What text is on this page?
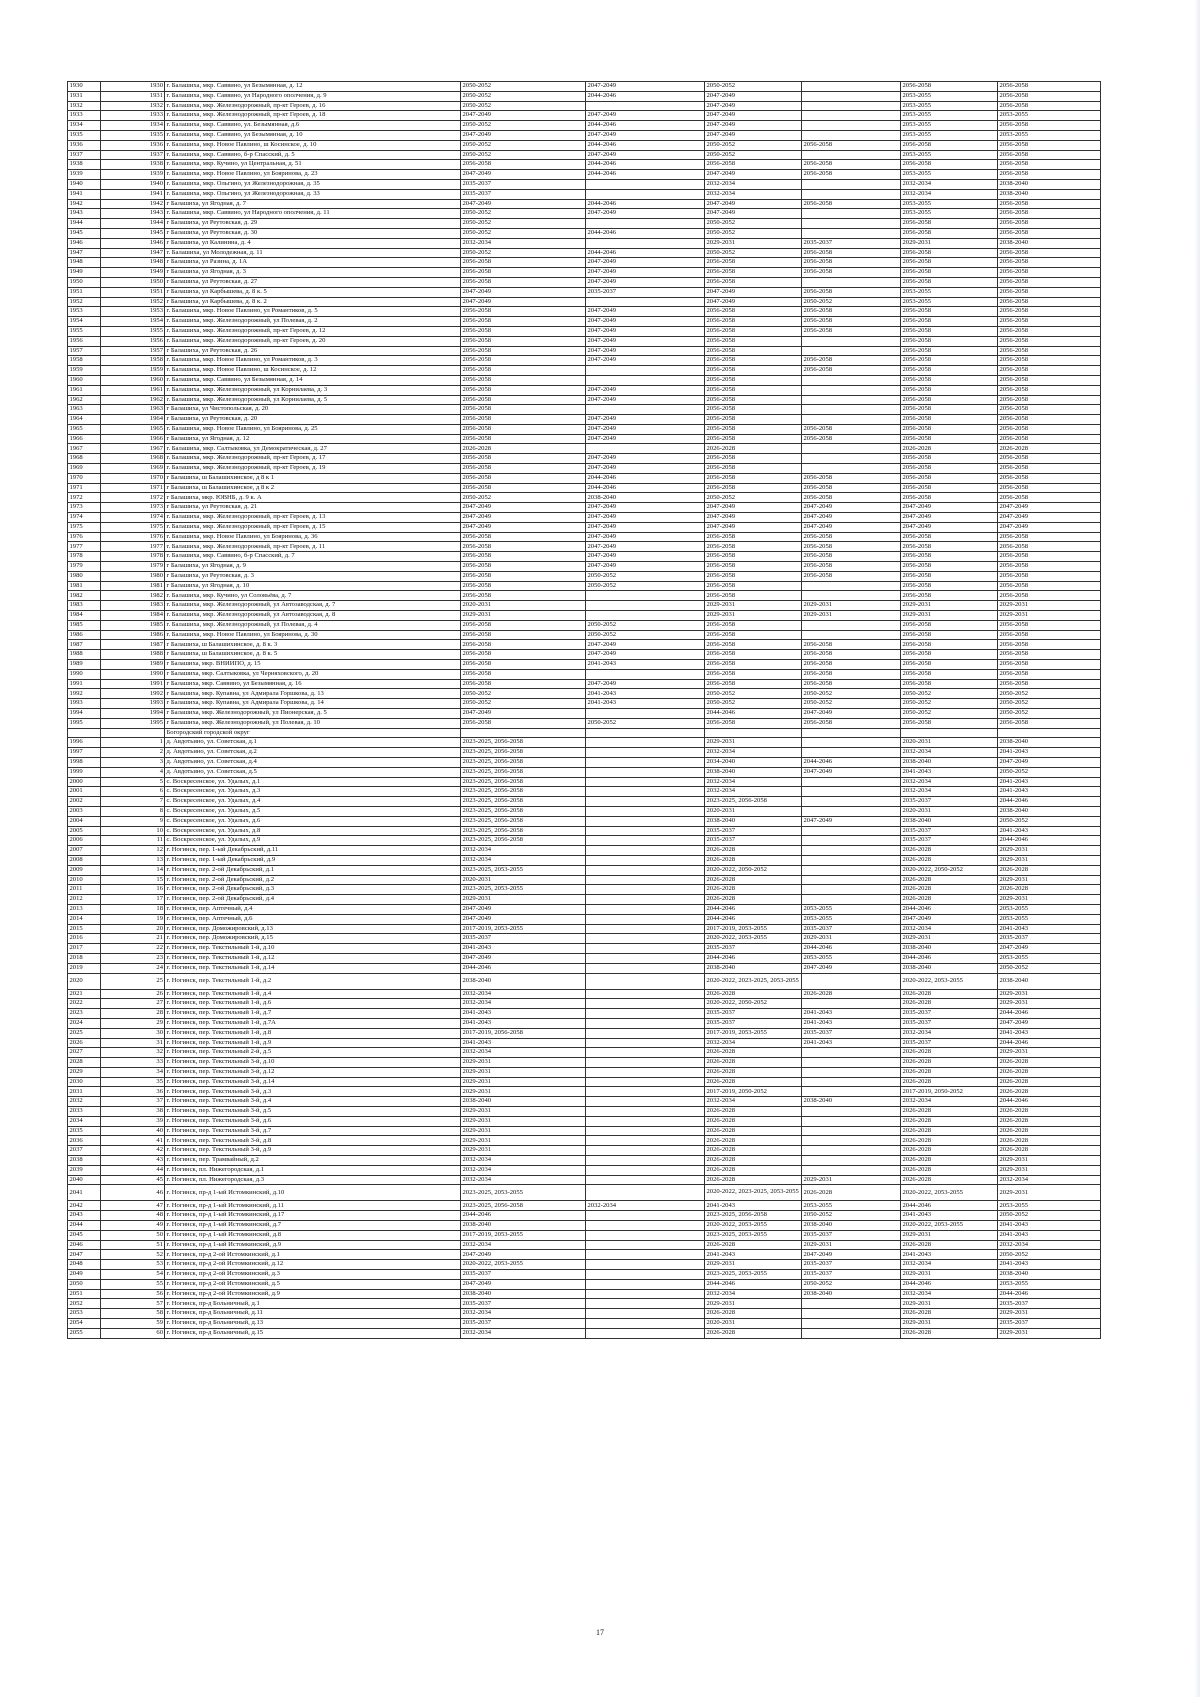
1930	1930	г. Балашиха, мкр. Саввино, ул Безымянная, д. 12	2050-2052	2047-2049	2050-2052		2056-2058	2056-2058
1931	1931	г. Балашиха, мкр. Саввино, ул Народного ополчения, д. 9	2050-2052	2044-2046	2047-2049		2053-2055	2056-2058
1932	1932	г. Балашиха, мкр. Железнодорожный, пр-кт Героев, д. 16	2050-2052		2047-2049		2053-2055	2056-2058
1933	1933	г. Балашиха, мкр. Железнодорожный, пр-кт Героев, д. 18	2047-2049	2047-2049	2047-2049		2053-2055	2053-2055
1934	1934	г. Балашиха, мкр. Саввино, ул. Безымянная, д.6	2050-2052	2044-2046	2047-2049		2053-2055	2056-2058
1935	1935	г. Балашиха, мкр. Саввино, ул Безымянная, д. 10	2047-2049	2047-2049	2047-2049		2053-2055	2053-2055
1936	1936	г. Балашиха, мкр. Новое Павлино, ш Косинское, д. 10	2050-2052	2044-2046	2050-2052	2056-2058	2056-2058	2056-2058
1937	1937	г. Балашиха, мкр. Саввино, б-р Спасский, д. 5	2050-2052	2047-2049	2050-2052		2053-2055	2056-2058
1938	1938	г. Балашиха, мкр. Кучино, ул Центральная, д. 51	2056-2058	2044-2046	2056-2058	2056-2058	2056-2058	2056-2058
1939	1939	г. Балашиха, мкр. Новое Павлино, ул Бояринова, д. 23	2047-2049	2044-2046	2047-2049	2056-2058	2053-2055	2056-2058
1940	1940	г. Балашиха, мкр. Ольгино, ул Железнодорожная, д. 35	2035-2037		2032-2034		2032-2034	2038-2040
1941	1941	г. Балашиха, мкр. Ольгино, ул Железнодорожная, д. 33	2035-2037		2032-2034		2032-2034	2038-2040
1942	1942	г Балашиха, ул Ягодная, д. 7	2047-2049	2044-2046	2047-2049	2056-2058	2053-2055	2056-2058
1943	1943	г. Балашиха, мкр. Саввино, ул Народного ополчения, д. 11	2050-2052	2047-2049	2047-2049		2053-2055	2056-2058
1944	1944	г Балашиха, ул Реутовская, д. 29	2050-2052		2050-2052		2056-2058	2056-2058
1945	1945	г Балашиха, ул Реутовская, д. 30	2050-2052	2044-2046	2050-2052		2056-2058	2056-2058
1946	1946	г Балашиха, ул Калинина, д. 4	2032-2034		2029-2031	2035-2037	2029-2031	2038-2040
1947	1947	г. Балашиха, ул Молодежная, д. 11	2050-2052	2044-2046	2050-2052	2056-2058	2056-2058	2056-2058
1948	1948	г Балашиха, ул Разина, д. 1А	2056-2058	2047-2049	2056-2058	2056-2058	2056-2058	2056-2058
1949	1949	г Балашиха, ул Ягодная, д. 3	2056-2058	2047-2049	2056-2058	2056-2058	2056-2058	2056-2058
1950	1950	г Балашиха, ул Реутовская, д. 27	2056-2058	2047-2049	2056-2058		2056-2058	2056-2058
1951	1951	г Балашиха, ул Карбышева, д. 8 к. 5	2047-2049	2035-2037	2047-2049	2056-2058	2053-2055	2056-2058
1952	1952	г Балашиха, ул Карбышева, д. 8 к. 2	2047-2049		2047-2049	2050-2052	2053-2055	2056-2058
1953	1953	г. Балашиха, мкр. Новое Павлино, ул Романтиков, д. 5	2056-2058	2047-2049	2056-2058	2056-2058	2056-2058	2056-2058
1954	1954	г. Балашиха, мкр. Железнодорожный, ул Полевая, д. 2	2056-2058	2047-2049	2056-2058	2056-2058	2056-2058	2056-2058
1955	1955	г. Балашиха, мкр. Железнодорожный, пр-кт Героев, д. 12	2056-2058	2047-2049	2056-2058	2056-2058	2056-2058	2056-2058
1956	1956	г. Балашиха, мкр. Железнодорожный, пр-кт Героев, д. 20	2056-2058	2047-2049	2056-2058		2056-2058	2056-2058
1957	1957	г Балашиха, ул Реутовская, д. 26	2056-2058	2047-2049	2056-2058		2056-2058	2056-2058
1958	1958	г. Балашиха, мкр. Новое Павлино, ул Романтиков, д. 3	2056-2058	2047-2049	2056-2058	2056-2058	2056-2058	2056-2058
1959	1959	г. Балашиха, мкр. Новое Павлино, ш Косинское, д. 12	2056-2058		2056-2058	2056-2058	2056-2058	2056-2058
1960	1960	г. Балашиха, мкр. Саввино, ул Безымянная, д. 14	2056-2058		2056-2058		2056-2058	2056-2058
1961	1961	г. Балашиха, мкр. Железнодорожный, ул Корнилаева, д. 3	2056-2058	2047-2049	2056-2058		2056-2058	2056-2058
1962	1962	г. Балашиха, мкр. Железнодорожный, ул Корнилаева, д. 5	2056-2058	2047-2049	2056-2058		2056-2058	2056-2058
1963	1963	г Балашиха, ул Чистопольская, д. 20	2056-2058		2056-2058		2056-2058	2056-2058
1964	1964	г Балашиха, ул Реутовская, д. 20	2056-2058	2047-2049	2056-2058		2056-2058	2056-2058
1965	1965	г. Балашиха, мкр. Новое Павлино, ул Бояринова, д. 25	2056-2058	2047-2049	2056-2058	2056-2058	2056-2058	2056-2058
1966	1966	г Балашиха, ул Ягодная, д. 12	2056-2058	2047-2049	2056-2058	2056-2058	2056-2058	2056-2058
1967	1967	г. Балашиха, мкр. Салтыковка, ул Демократическая, д. 27	2026-2028		2026-2028		2026-2028	2026-2028
1968	1968	г. Балашиха, мкр. Железнодорожный, пр-кт Героев, д. 17	2056-2058	2047-2049	2056-2058		2056-2058	2056-2058
1969	1969	г. Балашиха, мкр. Железнодорожный, пр-кт Героев, д. 19	2056-2058	2047-2049	2056-2058		2056-2058	2056-2058
1970	1970	г Балашиха, ш Балашихинское, д 8 к 1	2056-2058	2044-2046	2056-2058	2056-2058	2056-2058	2056-2058
1971	1971	г Балашиха, ш Балашихинское, д 8 к 2	2056-2058	2044-2046	2056-2058	2056-2058	2056-2058	2056-2058
1972	1972	г Балашиха, мкр. ЮВНБ, д. 9 к. А	2050-2052	2038-2040	2050-2052	2056-2058	2056-2058	2056-2058
1973	1973	г Балашиха, ул Реутовская, д. 21	2047-2049	2047-2049	2047-2049	2047-2049	2047-2049	2047-2049
1974	1974	г. Балашиха, мкр. Железнодорожный, пр-кт Героев, д. 13	2047-2049	2047-2049	2047-2049	2047-2049	2047-2049	2047-2049
1975	1975	г. Балашиха, мкр. Железнодорожный, пр-кт Героев, д. 15	2047-2049	2047-2049	2047-2049	2047-2049	2047-2049	2047-2049
1976	1976	г. Балашиха, мкр. Новое Павлино, ул Бояринова, д. 36	2056-2058	2047-2049	2056-2058	2056-2058	2056-2058	2056-2058
1977	1977	г. Балашиха, мкр. Железнодорожный, пр-кт Героев, д. 11	2056-2058	2047-2049	2056-2058	2056-2058	2056-2058	2056-2058
1978	1978	г. Балашиха, мкр. Саввино, б-р Спасский, д. 7	2056-2058	2047-2049	2056-2058	2056-2058	2056-2058	2056-2058
1979	1979	г Балашиха, ул Ягодная, д. 9	2056-2058	2047-2049	2056-2058	2056-2058	2056-2058	2056-2058
1980	1980	г Балашиха, ул Реутовская, д. 3	2056-2058	2050-2052	2056-2058	2056-2058	2056-2058	2056-2058
1981	1981	г Балашиха, ул Ягодная, д. 10	2056-2058	2050-2052	2056-2058		2056-2058	2056-2058
1982	1982	г. Балашиха, мкр. Кучино, ул Соловьёва, д. 7	2056-2058		2056-2058		2056-2058	2056-2058
1983	1983	г. Балашиха, мкр. Железнодорожный, ул Автозаводская, д. 7	2020-2031		2029-2031	2029-2031	2029-2031	2029-2031
1984	1984	г. Балашиха, мкр. Железнодорожный, ул Автозаводская, д. 8	2029-2031		2029-2031	2029-2031	2029-2031	2029-2031
1985	1985	г. Балашиха, мкр. Железнодорожный, ул Полевая, д. 4	2056-2058	2050-2052	2056-2058		2056-2058	2056-2058
1986	1986	г. Балашиха, мкр. Новое Павлино, ул Бояринова, д. 30	2056-2058	2050-2052	2056-2058		2056-2058	2056-2058
1987	1987	г Балашиха, ш Балашихинское, д. 8 к. 3	2056-2058	2047-2049	2056-2058	2056-2058	2056-2058	2056-2058
1988	1988	г Балашиха, ш Балашихинское, д. 8 к. 5	2056-2058	2047-2049	2056-2058	2056-2058	2056-2058	2056-2058
1989	1989	г Балашиха, мкр. ВНИИПО, д. 15	2056-2058	2041-2043	2056-2058	2056-2058	2056-2058	2056-2058
1990	1990	г Балашиха, мкр. Салтыковка, ул Черняховского, д. 20	2056-2058		2056-2058	2056-2058	2056-2058	2056-2058
1991	1991	г Балашиха, мкр. Саввино, ул Безымянная, д. 16	2056-2058	2047-2049	2056-2058	2056-2058	2056-2058	2056-2058
1992	1992	г Балашиха, мкр. Купавна, ул Адмирала Горшкова, д. 13	2050-2052	2041-2043	2050-2052	2050-2052	2050-2052	2050-2052
1993	1993	г Балашиха, мкр. Купавна, ул Адмирала Горшкова, д. 14	2050-2052	2041-2043	2050-2052	2050-2052	2050-2052	2050-2052
1994	1994	г Балашиха, мкр. Железнодорожный, ул Пионерская, д. 5	2047-2049		2044-2046	2047-2049	2050-2052	2050-2052
1995	1995	г Балашиха, мкр. Железнодорожный, ул Полевая, д. 10	2056-2058	2050-2052	2056-2058	2056-2058	2056-2058	2056-2058
		Богородский городской округ						
1996	1	д. Авдотьино, ул. Советская, д.1	2023-2025, 2056-2058		2029-2031		2020-2031	2038-2040
1997	2	д. Авдотьино, ул. Советская, д.2	2023-2025, 2056-2058		2032-2034		2032-2034	2041-2043
1998	3	д. Авдотьино, ул. Советская, д.4	2023-2025, 2056-2058		2034-2040	2044-2046	2038-2040	2047-2049
1999	4	д. Авдотьино, ул. Советская, д.5	2023-2025, 2056-2058		2038-2040	2047-2049	2041-2043	2050-2052
2000	5	с. Воскресенское, ул. Удалых, д.1	2023-2025, 2056-2058		2032-2034		2032-2034	2041-2043
2001	6	с. Воскресенское, ул. Удалых, д.3	2023-2025, 2056-2058		2032-2034		2032-2034	2041-2043
2002	7	с. Воскресенское, ул. Удалых, д.4	2023-2025, 2056-2058		2023-2025, 2056-2058		2035-2037	2044-2046
2003	8	с. Воскресенское, ул. Удалых, д.5	2023-2025, 2056-2058		2020-2031		2020-2031	2038-2040
2004	9	с. Воскресенское, ул. Удалых, д.6	2023-2025, 2056-2058		2038-2040	2047-2049	2038-2040	2050-2052
2005	10	с. Воскресенское, ул. Удалых, д.8	2023-2025, 2056-2058		2035-2037		2035-2037	2041-2043
2006	11	с. Воскресенское, ул. Удалых, д.9	2023-2025, 2056-2058		2035-2037		2035-2037	2044-2046
2007	12	г. Ногинск, пер. 1-ый Декабрьский, д.11	2032-2034		2026-2028		2026-2028	2029-2031
2008	13	г. Ногинск, пер. 1-ый Декабрьский, д.9	2032-2034		2026-2028		2026-2028	2029-2031
2009	14	г. Ногинск, пер. 2-ой Декабрьский, д.1	2023-2025, 2053-2055		2020-2022, 2050-2052		2020-2022, 2050-2052	2026-2028
2010	15	г. Ногинск, пер. 2-ой Декабрьский, д.2	2020-2031		2026-2028		2026-2028	2029-2031
2011	16	г. Ногинск, пер. 2-ой Декабрьский, д.3	2023-2025, 2053-2055		2026-2028		2026-2028	2026-2028
2012	17	г. Ногинск, пер. 2-ой Декабрьский, д.4	2029-2031		2026-2028		2026-2028	2029-2031
2013	18	г. Ногинск, пер. Аптечный, д.4	2047-2049		2044-2046	2053-2055	2044-2046	2053-2055
2014	19	г. Ногинск, пер. Аптечный, д.6	2047-2049		2044-2046	2053-2055	2047-2049	2053-2055
2015	20	г. Ногинск, пер. Доможировский, д.13	2017-2019, 2053-2055		2017-2019, 2053-2055	2035-2037	2032-2034	2041-2043
2016	21	г. Ногинск, пер. Доможировский, д.15	2035-2037		2020-2022, 2053-2055	2029-2031	2029-2031	2035-2037
2017	22	г. Ногинск, пер. Текстильный 1-й, д.10	2041-2043		2035-2037	2044-2046	2038-2040	2047-2049
2018	23	г. Ногинск, пер. Текстильный 1-й, д.12	2047-2049		2044-2046	2053-2055	2044-2046	2053-2055
2019	24	г. Ногинск, пер. Текстильный 1-й, д.14	2044-2046		2038-2040	2047-2049	2038-2040	2050-2052
2020	25	г. Ногинск, пер. Текстильный 1-й, д.2	2038-2040		2020-2022, 2023-2025, 2053-2055		2020-2022, 2053-2055	2038-2040
2021	26	г. Ногинск, пер. Текстильный 1-й, д.4	2032-2034		2026-2028	2026-2028	2026-2028	2029-2031
2022	27	г. Ногинск, пер. Текстильный 1-й, д.6	2032-2034		2020-2022, 2050-2052		2026-2028	2029-2031
2023	28	г. Ногинск, пер. Текстильный 1-й, д.7	2041-2043		2035-2037	2041-2043	2035-2037	2044-2046
2024	29	г. Ногинск, пер. Текстильный 1-й, д.7А	2041-2043		2035-2037	2041-2043	2035-2037	2047-2049
2025	30	г. Ногинск, пер. Текстильный 1-й, д.8	2017-2019, 2056-2058		2017-2019, 2053-2055	2035-2037	2032-2034	2041-2043
2026	31	г. Ногинск, пер. Текстильный 1-й, д.9	2041-2043		2032-2034	2041-2043	2035-2037	2044-2046
2027	32	г. Ногинск, пер. Текстильный 2-й, д.5	2032-2034		2026-2028		2026-2028	2029-2031
2028	33	г. Ногинск, пер. Текстильный 3-й, д.10	2029-2031		2026-2028		2026-2028	2026-2028
2029	34	г. Ногинск, пер. Текстильный 3-й, д.12	2029-2031		2026-2028		2026-2028	2026-2028
2030	35	г. Ногинск, пер. Текстильный 3-й, д.14	2029-2031		2026-2028		2026-2028	2026-2028
2031	36	г. Ногинск, пер. Текстильный 3-й, д.3	2029-2031		2017-2019, 2050-2052		2017-2019, 2050-2052	2026-2028
2032	37	г. Ногинск, пер. Текстильный 3-й, д.4	2038-2040		2032-2034	2038-2040	2032-2034	2044-2046
2033	38	г. Ногинск, пер. Текстильный 3-й, д.5	2029-2031		2026-2028		2026-2028	2026-2028
2034	39	г. Ногинск, пер. Текстильный 3-й, д.6	2029-2031		2026-2028		2026-2028	2026-2028
2035	40	г. Ногинск, пер. Текстильный 3-й, д.7	2029-2031		2026-2028		2026-2028	2026-2028
2036	41	г. Ногинск, пер. Текстильный 3-й, д.8	2029-2031		2026-2028		2026-2028	2026-2028
2037	42	г. Ногинск, пер. Текстильный 3-й, д.9	2029-2031		2026-2028		2026-2028	2026-2028
2038	43	г. Ногинск, пер. Трамвайный, д.2	2032-2034		2026-2028		2026-2028	2029-2031
2039	44	г. Ногинск, пл. Нижегородская, д.1	2032-2034		2026-2028		2026-2028	2029-2031
2040	45	г. Ногинск, пл. Нижегородская, д.3	2032-2034		2026-2028	2029-2031	2026-2028	2032-2034
2041	46	г. Ногинск, пр-д 1-ый Истомкинский, д.10	2023-2025, 2053-2055		2020-2022, 2023-2025, 2053-2055	2026-2028	2020-2022, 2053-2055	2029-2031
2042	47	г. Ногинск, пр-д 1-ый Истомкинский, д.11	2023-2025, 2056-2058	2032-2034	2041-2043	2053-2055	2044-2046	2053-2055
2043	48	г. Ногинск, пр-д 1-ый Истомкинский, д.17	2044-2046		2023-2025, 2056-2058	2050-2052	2041-2043	2050-2052
2044	49	г. Ногинск, пр-д 1-ый Истомкинский, д.7	2038-2040		2020-2022, 2053-2055	2038-2040	2020-2022, 2053-2055	2041-2043
2045	50	г. Ногинск, пр-д 1-ый Истомкинский, д.8	2017-2019, 2053-2055		2023-2025, 2053-2055	2035-2037	2029-2031	2041-2043
2046	51	г. Ногинск, пр-д 1-ый Истомкинский, д.9	2032-2034		2026-2028	2029-2031	2026-2028	2032-2034
2047	52	г. Ногинск, пр-д 2-ой Истомкинский, д.1	2047-2049		2041-2043	2047-2049	2041-2043	2050-2052
2048	53	г. Ногинск, пр-д 2-ой Истомкинский, д.12	2020-2022, 2053-2055		2029-2031	2035-2037	2032-2034	2041-2043
2049	54	г. Ногинск, пр-д 2-ой Истомкинский, д.3	2035-2037		2023-2025, 2053-2055	2035-2037	2029-2031	2038-2040
2050	55	г. Ногинск, пр-д 2-ой Истомкинский, д.5	2047-2049		2044-2046	2050-2052	2044-2046	2053-2055
2051	56	г. Ногинск, пр-д 2-ой Истомкинский, д.9	2038-2040		2032-2034	2038-2040	2032-2034	2044-2046
2052	57	г. Ногинск, пр-д Больничный, д.1	2035-2037		2029-2031		2029-2031	2035-2037
2053	58	г. Ногинск, пр-д Больничный, д.11	2032-2034		2026-2028		2026-2028	2029-2031
2054	59	г. Ногинск, пр-д Больничный, д.13	2035-2037		2020-2031		2029-2031	2035-2037
2055	60	г. Ногинск, пр-д Больничный, д.15	2032-2034		2026-2028		2026-2028	2029-2031
17
